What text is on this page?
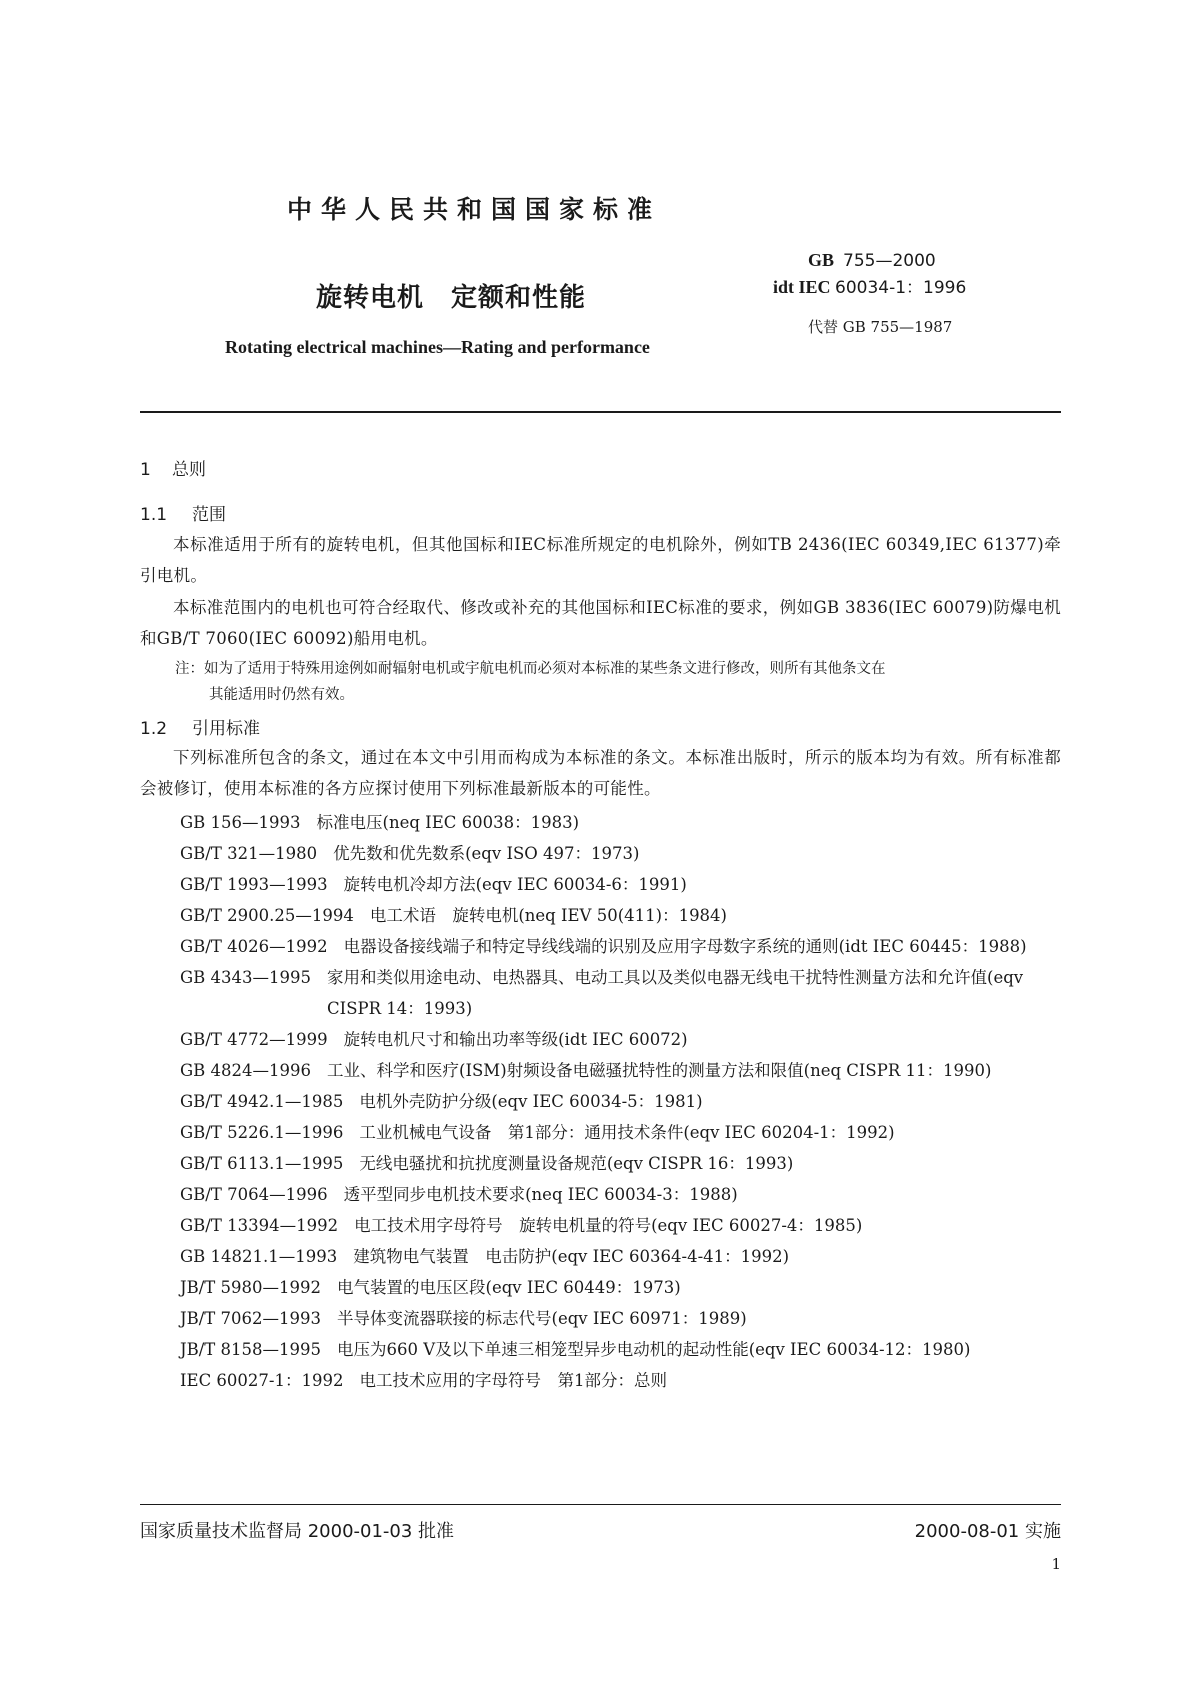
中华人民共和国国家标准
GB 755—2000
idt IEC 60034-1：1996
旋转电机　定额和性能
代替 GB 755—1987
Rotating electrical machines—Rating and performance
1 总则
1.1 范围
本标准适用于所有的旋转电机，但其他国标和IEC标准所规定的电机除外，例如TB 2436(IEC 60349,IEC 61377)牵引电机。
本标准范围内的电机也可符合经取代、修改或补充的其他国标和IEC标准的要求，例如GB 3836(IEC 60079)防爆电机和GB/T 7060(IEC 60092)船用电机。
注：如为了适用于特殊用途例如耐辐射电机或宇航电机而必须对本标准的某些条文进行修改，则所有其他条文在
其能适用时仍然有效。
1.2 引用标准
下列标准所包含的条文，通过在本文中引用而构成为本标准的条文。本标准出版时，所示的版本均为有效。所有标准都会被修订，使用本标准的各方应探讨使用下列标准最新版本的可能性。
GB 156—1993 标准电压(neq IEC 60038：1983)
GB/T 321—1980 优先数和优先数系(eqv ISO 497：1973)
GB/T 1993—1993 旋转电机冷却方法(eqv IEC 60034-6：1991)
GB/T 2900.25—1994 电工术语　旋转电机(neq IEV 50(411)：1984)
GB/T 4026—1992 电器设备接线端子和特定导线线端的识别及应用字母数字系统的通则(idt IEC 60445：1988)
GB 4343—1995 家用和类似用途电动、电热器具、电动工具以及类似电器无线电干扰特性测量方法和允许值(eqv CISPR 14：1993)
GB/T 4772—1999 旋转电机尺寸和输出功率等级(idt IEC 60072)
GB 4824—1996 工业、科学和医疗(ISM)射频设备电磁骚扰特性的测量方法和限值(neq CISPR 11：1990)
GB/T 4942.1—1985 电机外壳防护分级(eqv IEC 60034-5：1981)
GB/T 5226.1—1996 工业机械电气设备　第1部分：通用技术条件(eqv IEC 60204-1：1992)
GB/T 6113.1—1995 无线电骚扰和抗扰度测量设备规范(eqv CISPR 16：1993)
GB/T 7064—1996 透平型同步电机技术要求(neq IEC 60034-3：1988)
GB/T 13394—1992 电工技术用字母符号　旋转电机量的符号(eqv IEC 60027-4：1985)
GB 14821.1—1993 建筑物电气装置　电击防护(eqv IEC 60364-4-41：1992)
JB/T 5980—1992 电气装置的电压区段(eqv IEC 60449：1973)
JB/T 7062—1993 半导体变流器联接的标志代号(eqv IEC 60971：1989)
JB/T 8158—1995 电压为660 V及以下单速三相笼型异步电动机的起动性能(eqv IEC 60034-12：1980)
IEC 60027-1：1992 电工技术应用的字母符号　第1部分：总则
国家质量技术监督局 2000-01-03 批准	2000-08-01 实施
1
